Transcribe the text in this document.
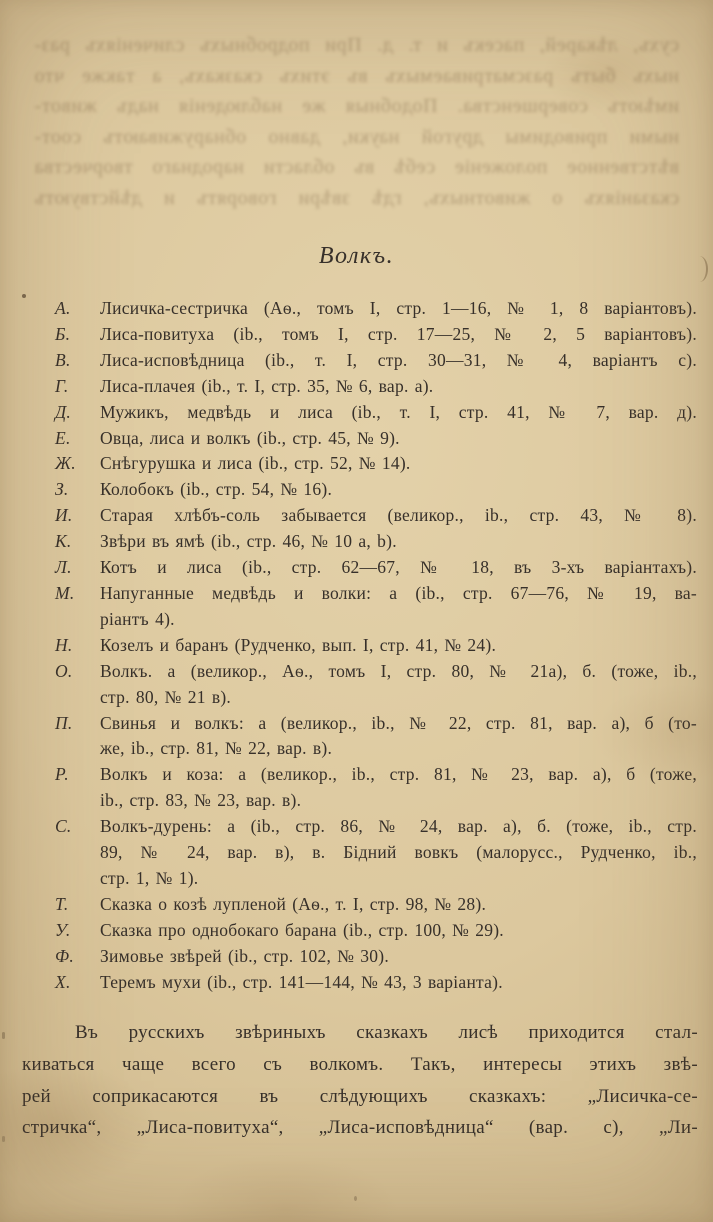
сухъ, лѣкарей, пасекъ и т. д. При подробныхъ сличеніяхъ раз-
ныхъ бытъ разсматриваемыхъ въ этихъ сказкахъ, а также что
имѣютъ совершенства. Подобныя же наблюденія надъ живот-
ными приводимы другой науки, давно обнаруживаютъ соот-
вѣтственное положеніе себѣ въ области народнаго творчества
сказаніяхъ о животныхъ, гдѣ звѣри говорятъ и дѣйствуютъ
Волкъ.
А.	Лисичка-сестричка (Аѳ., томъ I, стр. 1—16, № 1, 8 варіантовъ).
Б.	Лиса-повитуха (ib., томъ I, стр. 17—25, № 2, 5 варіантовъ).
В.	Лиса-исповѣдница (ib., т. I, стр. 30—31, № 4, варіантъ с).
Г.	Лиса-плачея (ib., т. I, стр. 35, № 6, вар. а).
Д.	Мужикъ, медвѣдь и лиса (ib., т. I, стр. 41, № 7, вар. д).
Е.	Овца, лиса и волкъ (ib., стр. 45, № 9).
Ж.	Снѣгурушка и лиса (ib., стр. 52, № 14).
З.	Колобокъ (ib., стр. 54, № 16).
И.	Старая хлѣбъ-соль забывается (великор., ib., стр. 43, № 8).
К.	Звѣри въ ямѣ (ib., стр. 46, № 10 a, b).
Л.	Котъ и лиса (ib., стр. 62—67, № 18, въ 3-хъ варіантахъ).
М.	Напуганные медвѣдь и волки: а (ib., стр. 67—76, № 19, ва-
ріантъ 4).
Н.	Козелъ и баранъ (Рудченко, вып. I, стр. 41, № 24).
О.	Волкъ. а (великор., Аѳ., томъ I, стр. 80, № 21а), б. (тоже, ib.,
стр. 80, № 21 в).
П.	Свинья и волкъ: а (великор., ib., № 22, стр. 81, вар. а), б (то-
же, ib., стр. 81, № 22, вар. в).
Р.	Волкъ и коза: а (великор., ib., стр. 81, № 23, вар. а), б (тоже,
ib., стр. 83, № 23, вар. в).
С.	Волкъ-дурень: а (ib., стр. 86, № 24, вар. а), б. (тоже, ib., стр.
89, № 24, вар. в), в. Бідний вовкъ (малорусс., Рудченко, ib.,
стр. 1, № 1).
Т.	Сказка о козѣ лупленой (Аѳ., т. I, стр. 98, № 28).
У.	Сказка про однобокаго барана (ib., стр. 100, № 29).
Ф.	Зимовье звѣрей (ib., стр. 102, № 30).
Х.	Теремъ мухи (ib., стр. 141—144, № 43, 3 варіанта).
Въ русскихъ звѣриныхъ сказкахъ лисѣ приходится стал-
киваться чаще всего съ волкомъ. Такъ, интересы этихъ звѣ-
рей соприкасаются въ слѣдующихъ сказкахъ: „Лисичка-се-
стричка“, „Лиса-повитуха“, „Лиса-исповѣдница“ (вар. с), „Ли-
